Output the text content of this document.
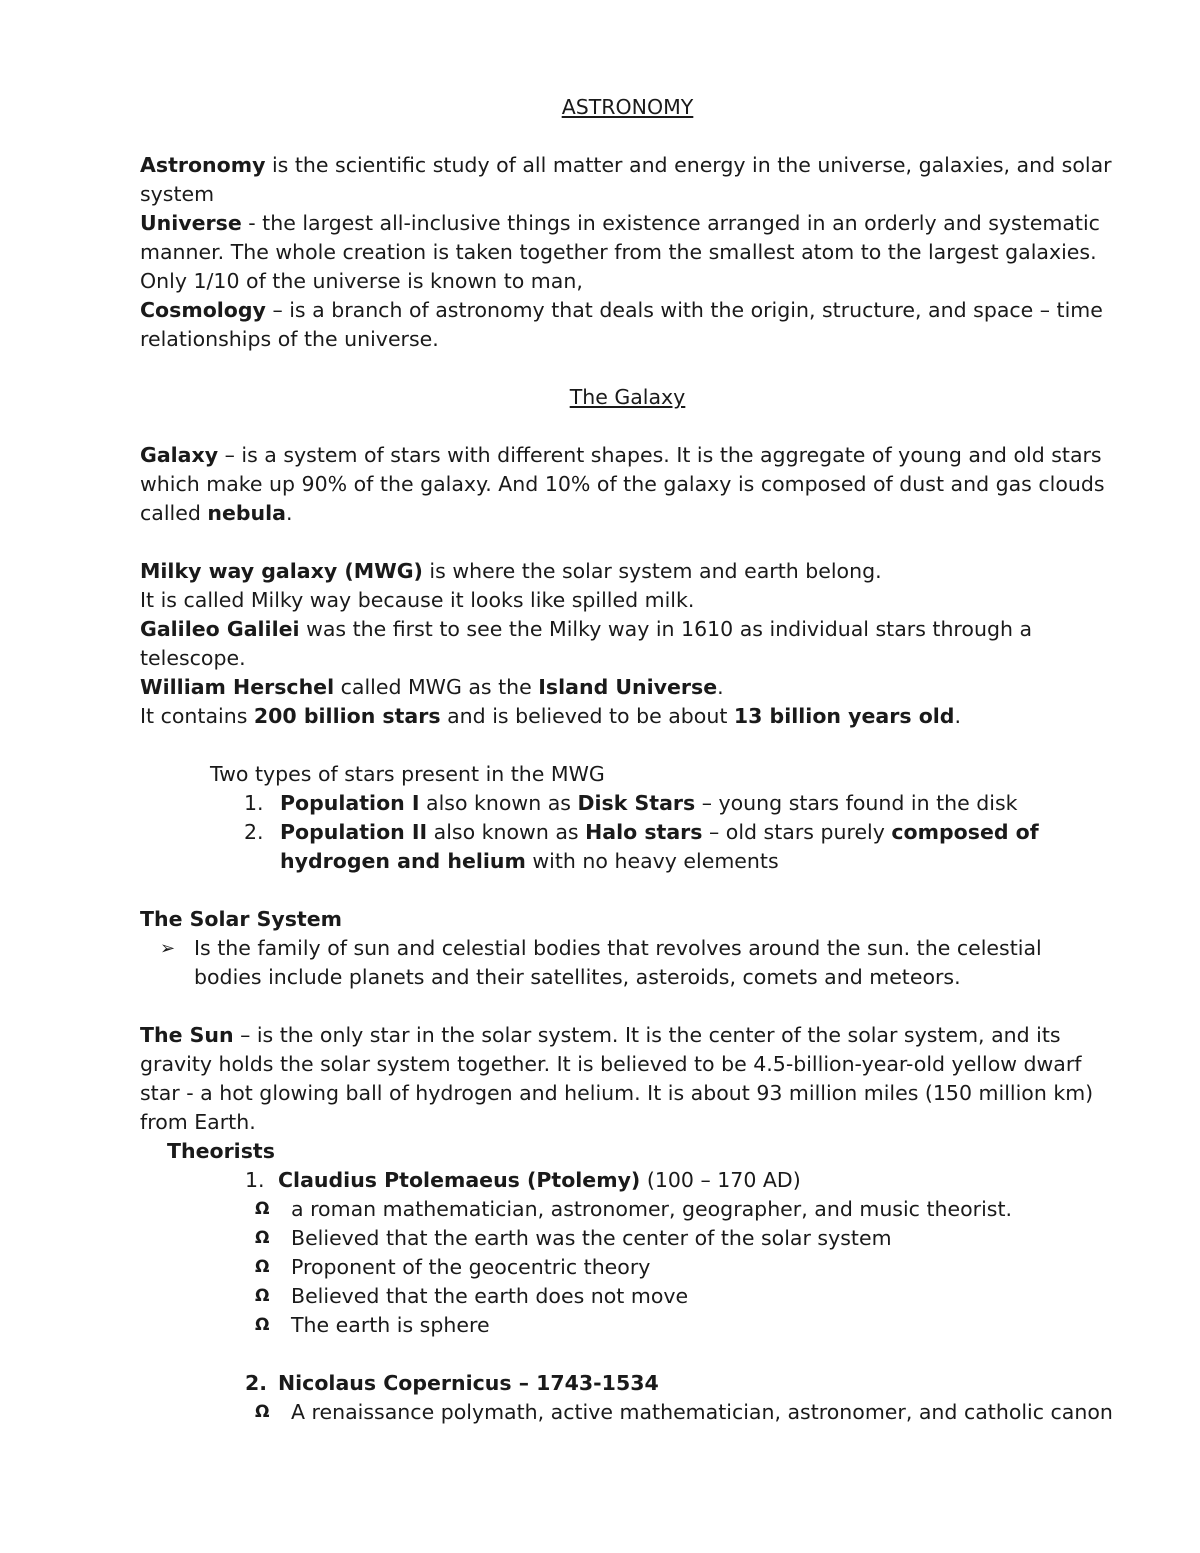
ASTRONOMY

Astronomy is the scientific study of all matter and energy in the universe, galaxies, and solar system

Universe - the largest all-inclusive things in existence arranged in an orderly and systematic manner. The whole creation is taken together from the smallest atom to the largest galaxies. Only 1/10 of the universe is known to man,

Cosmology – is a branch of astronomy that deals with the origin, structure, and space – time relationships of the universe.

The Galaxy

Galaxy – is a system of stars with different shapes. It is the aggregate of young and old stars which make up 90% of the galaxy. And 10% of the galaxy is composed of dust and gas clouds called nebula.

Milky way galaxy (MWG) is where the solar system and earth belong.

It is called Milky way because it looks like spilled milk.

Galileo Galilei was the first to see the Milky way in 1610 as individual stars through a telescope.

William Herschel called MWG as the Island Universe.

It contains 200 billion stars and is believed to be about 13 billion years old.

Two types of stars present in the MWG

1. Population I also known as Disk Stars – young stars found in the disk
2. Population II also known as Halo stars – old stars purely composed of hydrogen and helium with no heavy elements

The Solar System

➢ Is the family of sun and celestial bodies that revolves around the sun. the celestial bodies include planets and their satellites, asteroids, comets and meteors.

The Sun – is the only star in the solar system. It is the center of the solar system, and its gravity holds the solar system together. It is believed to be 4.5-billion-year-old yellow dwarf star - a hot glowing ball of hydrogen and helium. It is about 93 million miles (150 million km) from Earth.

Theorists

1. Claudius Ptolemaeus (Ptolemy) (100 – 170 AD)
Ω	a roman mathematician, astronomer, geographer, and music theorist.
Ω	Believed that the earth was the center of the solar system
Ω	Proponent of the geocentric theory
Ω	Believed that the earth does not move
Ω	The earth is sphere
2. Nicolaus Copernicus – 1743-1534
Ω	A renaissance polymath, active mathematician, astronomer, and catholic canon
